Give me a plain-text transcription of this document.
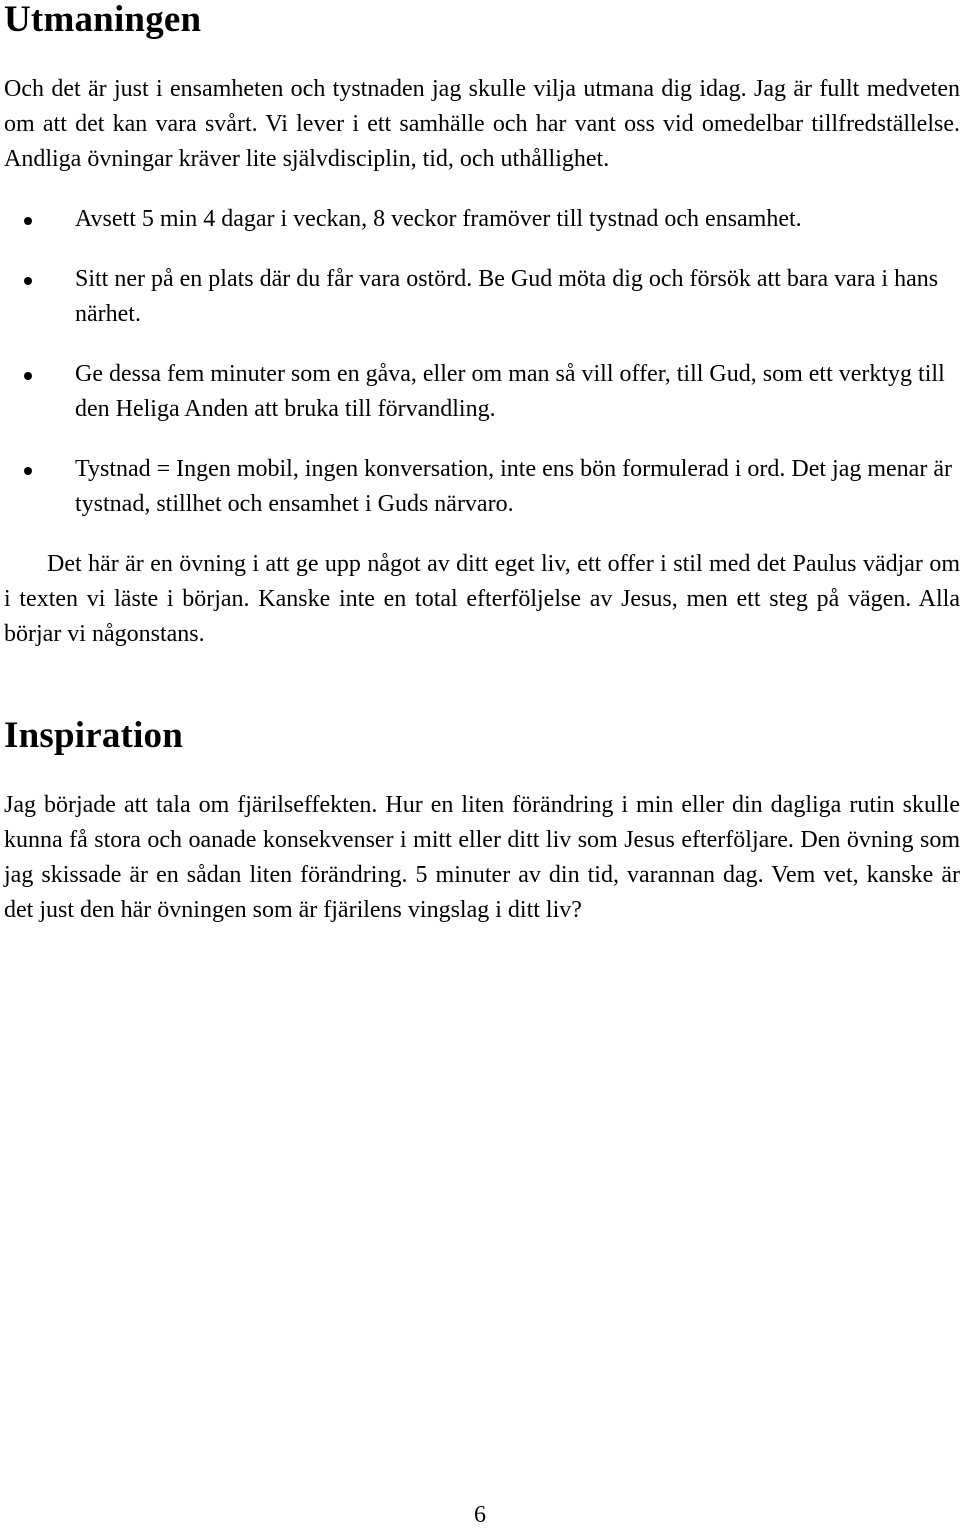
Utmaningen

Och det är just i ensamheten och tystnaden jag skulle vilja utmana dig idag. Jag är fullt medveten om att det kan vara svårt. Vi lever i ett samhälle och har vant oss vid omedelbar tillfredställelse. Andliga övningar kräver lite självdisciplin, tid, och uthållighet.

Avsett 5 min 4 dagar i veckan, 8 veckor framöver till tystnad och ensamhet.
Sitt ner på en plats där du får vara ostörd. Be Gud möta dig och försök att bara vara i hans närhet.
Ge dessa fem minuter som en gåva, eller om man så vill offer, till Gud, som ett verktyg till den Heliga Anden att bruka till förvandling.
Tystnad = Ingen mobil, ingen konversation, inte ens bön formulerad i ord. Det jag menar är tystnad, stillhet och ensamhet i Guds närvaro.

Det här är en övning i att ge upp något av ditt eget liv, ett offer i stil med det Paulus vädjar om i texten vi läste i början. Kanske inte en total efterföljelse av Jesus, men ett steg på vägen. Alla börjar vi någonstans.

Inspiration

Jag började att tala om fjärilseffekten. Hur en liten förändring i min eller din dagliga rutin skulle kunna få stora och oanade konsekvenser i mitt eller ditt liv som Jesus efterföljare. Den övning som jag skissade är en sådan liten förändring. 5 minuter av din tid, varannan dag. Vem vet, kanske är det just den här övningen som är fjärilens vingslag i ditt liv?

6
